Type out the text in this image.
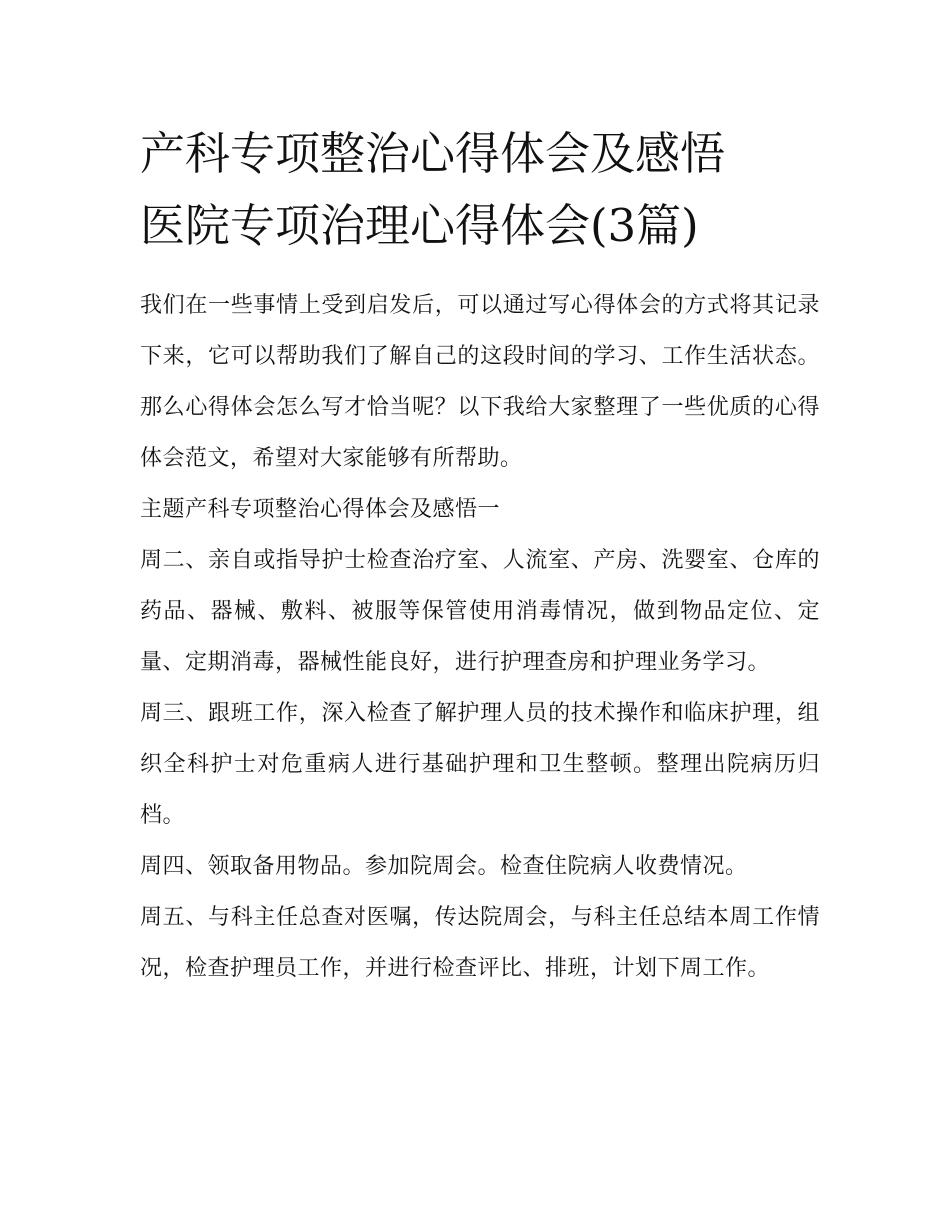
产科专项整治心得体会及感悟
医院专项治理心得体会(3篇)

我们在一些事情上受到启发后，可以通过写心得体会的方式将其记录下来，它可以帮助我们了解自己的这段时间的学习、工作生活状态。那么心得体会怎么写才恰当呢？以下我给大家整理了一些优质的心得体会范文，希望对大家能够有所帮助。

主题产科专项整治心得体会及感悟一

周二、亲自或指导护士检查治疗室、人流室、产房、洗婴室、仓库的药品、器械、敷料、被服等保管使用消毒情况，做到物品定位、定量、定期消毒，器械性能良好，进行护理查房和护理业务学习。

周三、跟班工作，深入检查了解护理人员的技术操作和临床护理，组织全科护士对危重病人进行基础护理和卫生整顿。整理出院病历归档。

周四、领取备用物品。参加院周会。检查住院病人收费情况。

周五、与科主任总查对医嘱，传达院周会，与科主任总结本周工作情况，检查护理员工作，并进行检查评比、排班，计划下周工作。
